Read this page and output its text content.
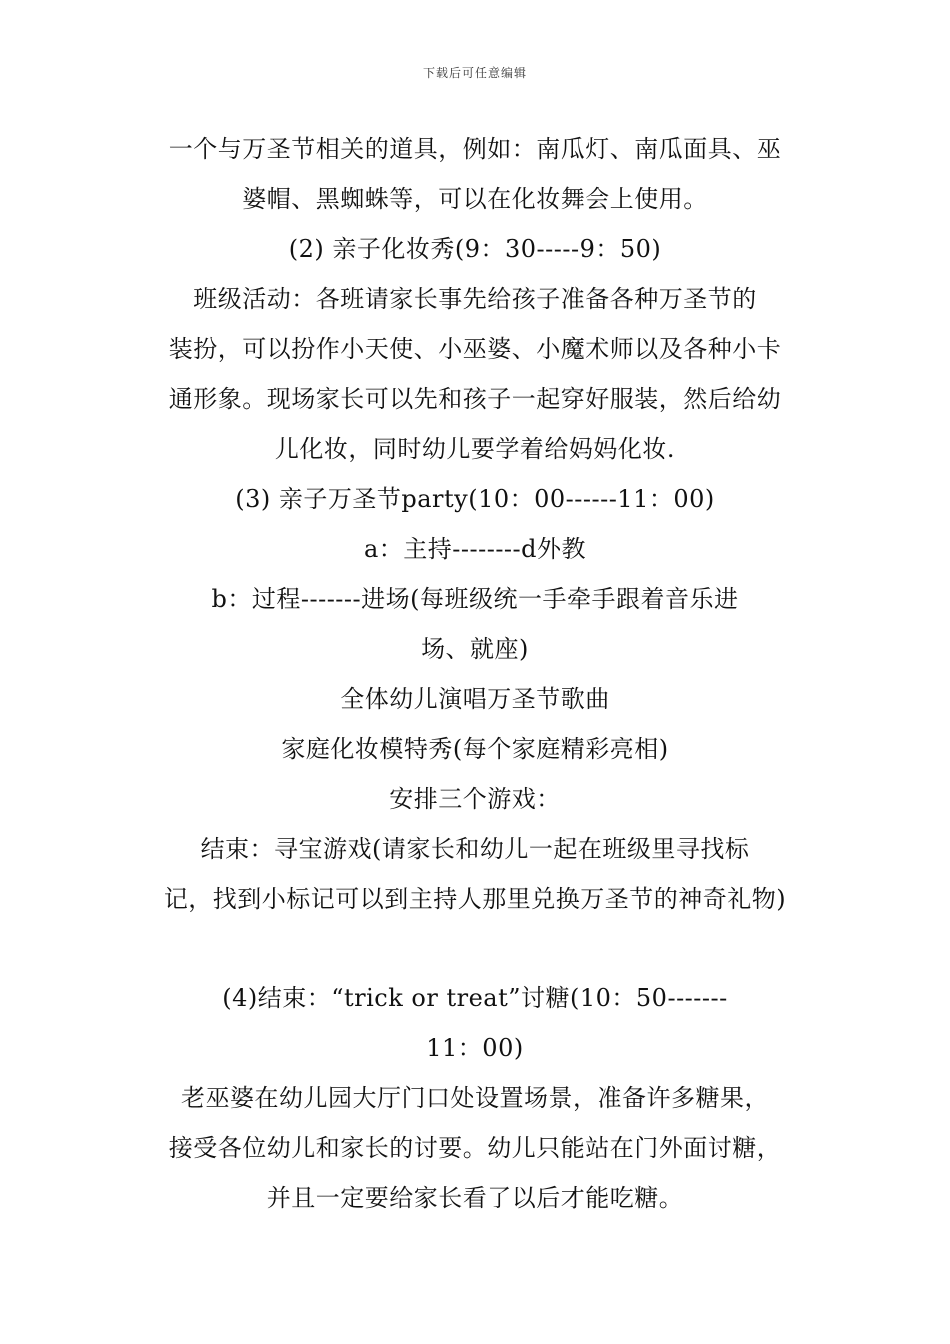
下载后可任意编辑
一个与万圣节相关的道具，例如：南瓜灯、南瓜面具、巫
婆帽、黑蜘蛛等，可以在化妆舞会上使用。
(2) 亲子化妆秀(9：30-----9：50)
班级活动：各班请家长事先给孩子准备各种万圣节的
装扮，可以扮作小天使、小巫婆、小魔术师以及各种小卡
通形象。现场家长可以先和孩子一起穿好服装，然后给幼
儿化妆，同时幼儿要学着给妈妈化妆.
(3) 亲子万圣节party(10：00------11：00)
a：主持--------d外教
b：过程-------进场(每班级统一手牵手跟着音乐进
场、就座)
全体幼儿演唱万圣节歌曲
家庭化妆模特秀(每个家庭精彩亮相)
安排三个游戏：
结束：寻宝游戏(请家长和幼儿一起在班级里寻找标
记，找到小标记可以到主持人那里兑换万圣节的神奇礼物)
(4)结束：“trick or treat”讨糖(10：50-------
11：00)
老巫婆在幼儿园大厅门口处设置场景，准备许多糖果，
接受各位幼儿和家长的讨要。幼儿只能站在门外面讨糖，
并且一定要给家长看了以后才能吃糖。
